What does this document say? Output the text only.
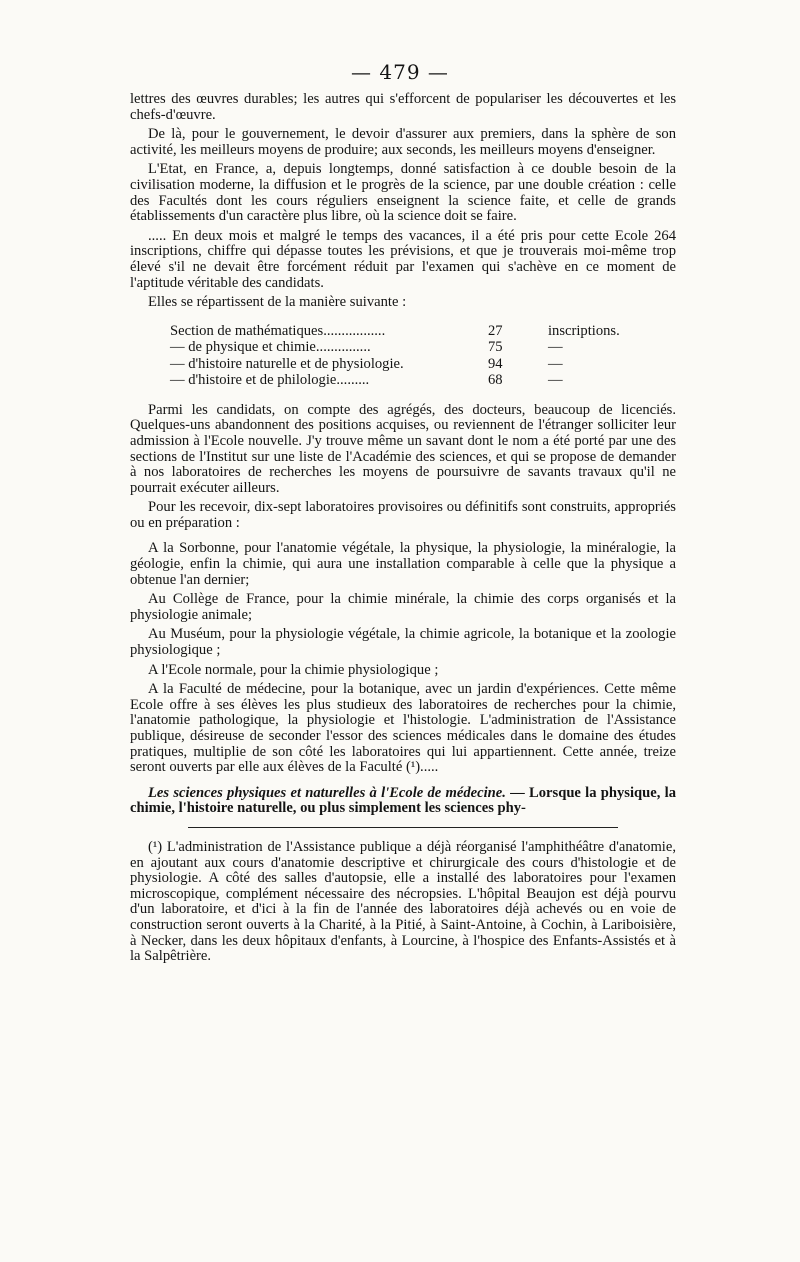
— 479 —

lettres des œuvres durables; les autres qui s'efforcent de populariser les découvertes et les chefs-d'œuvre.

De là, pour le gouvernement, le devoir d'assurer aux premiers, dans la sphère de son activité, les meilleurs moyens de produire; aux seconds, les meilleurs moyens d'enseigner.

L'Etat, en France, a, depuis longtemps, donné satisfaction à ce double besoin de la civilisation moderne, la diffusion et le progrès de la science, par une double création : celle des Facultés dont les cours réguliers enseignent la science faite, et celle de grands établissements d'un caractère plus libre, où la science doit se faire.

..... En deux mois et malgré le temps des vacances, il a été pris pour cette Ecole 264 inscriptions, chiffre qui dépasse toutes les prévisions, et que je trouverais moi-même trop élevé s'il ne devait être forcément réduit par l'examen qui s'achève en ce moment de l'aptitude véritable des candidats.

Elles se répartissent de la manière suivante :

Section de mathématiques.................	27	inscriptions.
— de physique et chimie...............	75	—
— d'histoire naturelle et de physiologie.	94	—
— d'histoire et de philologie.........	68	—

Parmi les candidats, on compte des agrégés, des docteurs, beaucoup de licenciés. Quelques-uns abandonnent des positions acquises, ou reviennent de l'étranger solliciter leur admission à l'Ecole nouvelle. J'y trouve même un savant dont le nom a été porté par une des sections de l'Institut sur une liste de l'Académie des sciences, et qui se propose de demander à nos laboratoires de recherches les moyens de poursuivre de savants travaux qu'il ne pourrait exécuter ailleurs.

Pour les recevoir, dix-sept laboratoires provisoires ou définitifs sont construits, appropriés ou en préparation :

A la Sorbonne, pour l'anatomie végétale, la physique, la physiologie, la minéralogie, la géologie, enfin la chimie, qui aura une installation comparable à celle que la physique a obtenue l'an dernier;

Au Collège de France, pour la chimie minérale, la chimie des corps organisés et la physiologie animale;

Au Muséum, pour la physiologie végétale, la chimie agricole, la botanique et la zoologie physiologique ;

A l'Ecole normale, pour la chimie physiologique ;

A la Faculté de médecine, pour la botanique, avec un jardin d'expériences. Cette même Ecole offre à ses élèves les plus studieux des laboratoires de recherches pour la chimie, l'anatomie pathologique, la physiologie et l'histologie. L'administration de l'Assistance publique, désireuse de seconder l'essor des sciences médicales dans le domaine des études pratiques, multiplie de son côté les laboratoires qui lui appartiennent. Cette année, treize seront ouverts par elle aux élèves de la Faculté (¹).....

Les sciences physiques et naturelles à l'Ecole de médecine. — Lorsque la physique, la chimie, l'histoire naturelle, ou plus simplement les sciences phy-

(¹) L'administration de l'Assistance publique a déjà réorganisé l'amphithéâtre d'anatomie, en ajoutant aux cours d'anatomie descriptive et chirurgicale des cours d'histologie et de physiologie. A côté des salles d'autopsie, elle a installé des laboratoires pour l'examen microscopique, complément nécessaire des nécropsies. L'hôpital Beaujon est déjà pourvu d'un laboratoire, et d'ici à la fin de l'année des laboratoires déjà achevés ou en voie de construction seront ouverts à la Charité, à la Pitié, à Saint-Antoine, à Cochin, à Lariboisière, à Necker, dans les deux hôpitaux d'enfants, à Lourcine, à l'hospice des Enfants-Assistés et à la Salpêtrière.
